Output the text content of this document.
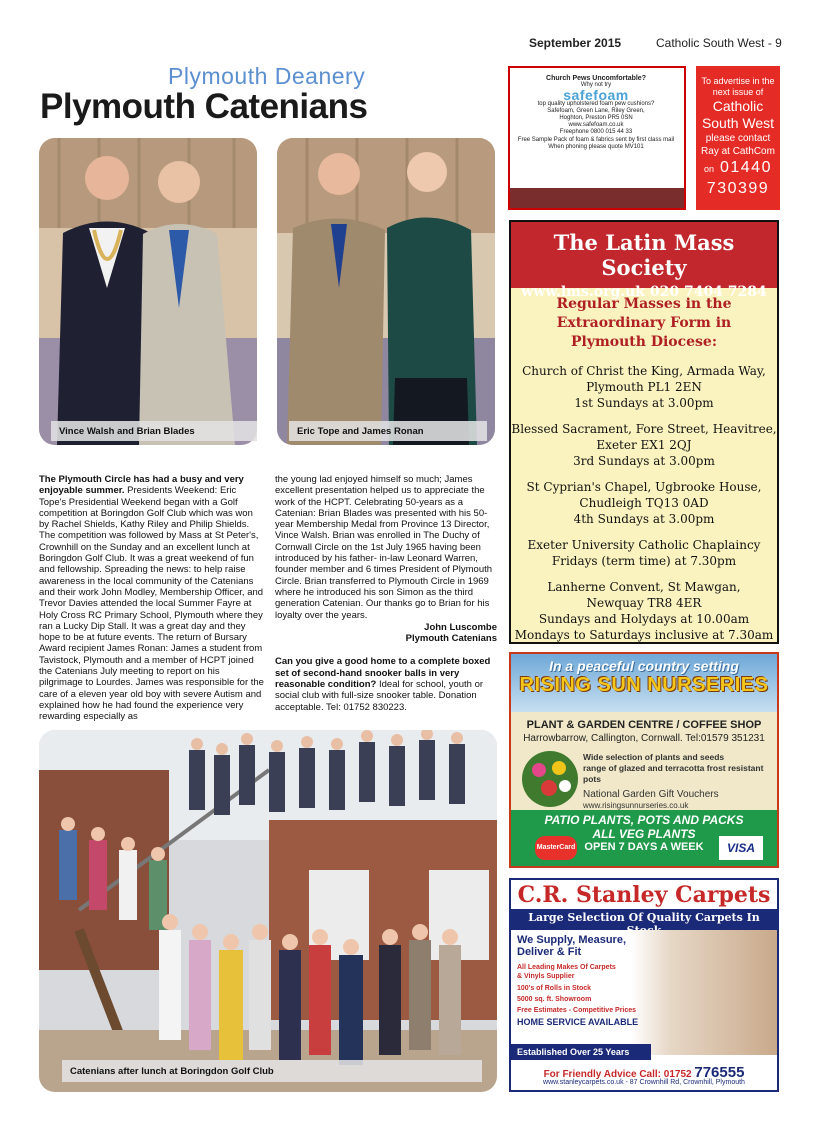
September 2015	Catholic South West - 9
Plymouth Deanery
Plymouth Catenians
Vince Walsh and Brian Blades	Eric Tope and James Ronan
The Plymouth Circle has had a busy and very enjoyable summer. Presidents Weekend: Eric Tope's Presidential Weekend began with a Golf competition at Boringdon Golf Club which was won by Rachel Shields, Kathy Riley and Philip Shields. The competition was followed by Mass at St Peter's, Crownhill on the Sunday and an excellent lunch at Boringdon Golf Club. It was a great weekend of fun and fellowship. Spreading the news: to help raise awareness in the local community of the Catenians and their work John Modley, Membership Officer, and Trevor Davies attended the local Summer Fayre at Holy Cross RC Primary School, Plymouth where they ran a Lucky Dip Stall. It was a great day and they hope to be at future events. The return of Bursary Award recipient James Ronan: James a student from Tavistock, Plymouth and a member of HCPT joined the Catenians July meeting to report on his pilgrimage to Lourdes. James was responsible for the care of a eleven year old boy with severe Autism and explained how he had found the experience very rewarding especially as
the young lad enjoyed himself so much; James excellent presentation helped us to appreciate the work of the HCPT. Celebrating 50-years as a Catenian: Brian Blades was presented with his 50-year Membership Medal from Province 13 Director, Vince Walsh. Brian was enrolled in The Duchy of Cornwall Circle on the 1st July 1965 having been introduced by his father- in-law Leonard Warren, founder member and 6 times President of Plymouth Circle. Brian transferred to Plymouth Circle in 1969 where he introduced his son Simon as the third generation Catenian. Our thanks go to Brian for his loyalty over the years.
John Luscombe
Plymouth Catenians
Can you give a good home to a complete boxed set of second-hand snooker balls in very reasonable condition? Ideal for school, youth or social club with full-size snooker table. Donation acceptable. Tel: 01752 830223.
Catenians after lunch at Boringdon Golf Club
Church Pews Uncomfortable?
Why not try
safefoam
top quality upholstered foam pew cushions?
Safefoam, Green Lane, Riley Green,
Hoghton, Preston PR5 0SN
www.safefoam.co.uk
Freephone 0800 015 44 33
Free Sample Pack of foam & fabrics sent by first class mail
When phoning please quote MV101
To advertise in the
next issue of
Catholic
South West
please contact
Ray at CathCom
on 01440
730399
The Latin Mass Society
www.lms.org.uk 020 7404 7284
Regular Masses in the
Extraordinary Form in
Plymouth Diocese:
Church of Christ the King, Armada Way,
Plymouth PL1 2EN
1st Sundays at 3.00pm
Blessed Sacrament, Fore Street, Heavitree,
Exeter EX1 2QJ
3rd Sundays at 3.00pm
St Cyprian's Chapel, Ugbrooke House,
Chudleigh TQ13 0AD
4th Sundays at 3.00pm
Exeter University Catholic Chaplaincy
Fridays (term time) at 7.30pm
Lanherne Convent, St Mawgan,
Newquay TR8 4ER
Sundays and Holydays at 10.00am
Mondays to Saturdays inclusive at 7.30am
In a peaceful country setting
RISING SUN NURSERIES
PLANT & GARDEN CENTRE / COFFEE SHOP
Harrowbarrow, Callington, Cornwall. Tel:01579 351231
Wide selection of plants and seeds
range of glazed and terracotta frost resistant pots
National Garden Gift Vouchers
www.risingsunnurseries.co.uk
PATIO PLANTS, POTS AND PACKS
ALL VEG PLANTS
OPEN 7 DAYS A WEEK
MasterCard	VISA
C.R. Stanley Carpets
Large Selection Of Quality Carpets In
We Supply, Measure,
Deliver & Fit
All Leading Makes Of Carpets
& Vinyls Supplier
100's of Rolls in Stock
5000 sq. ft. Showroom
Free Estimates - Competitive Prices
HOME SERVICE AVAILABLE
Established Over 25 Years
For Friendly Advice Call: 01752 776555
www.stanleycarpets.co.uk - 87 Crownhill Rd, Crownhill, Plymouth
